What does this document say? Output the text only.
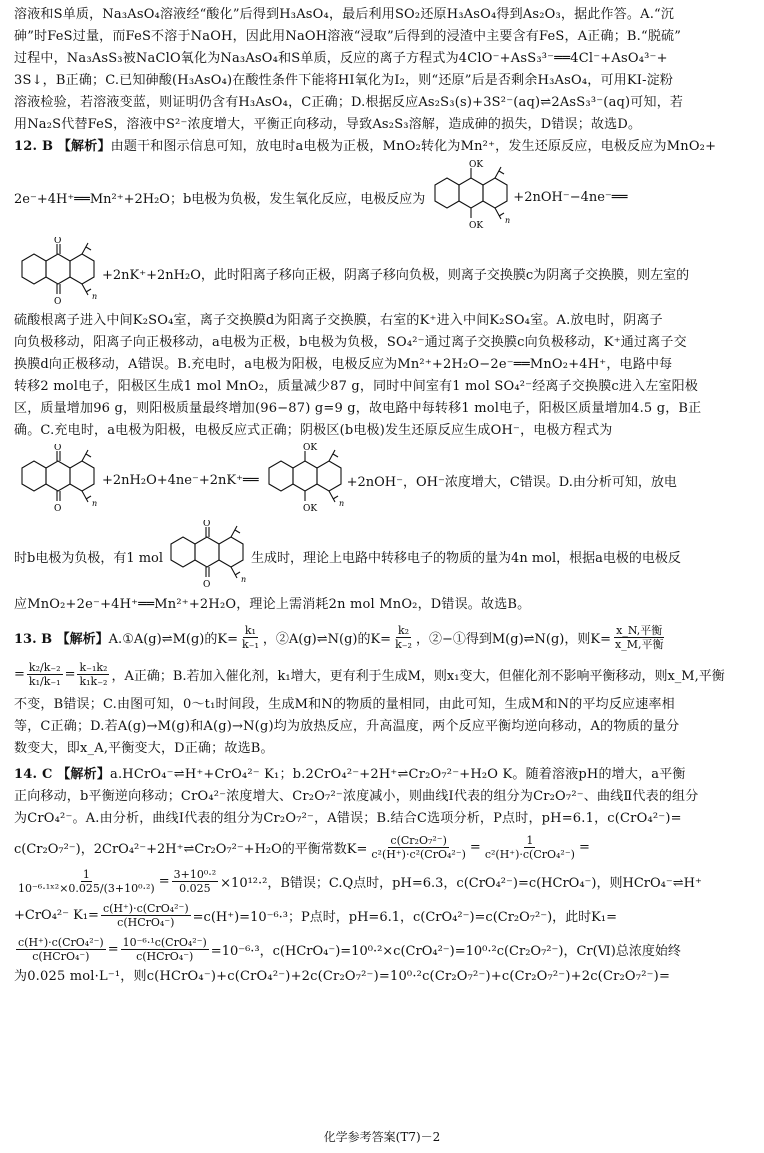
溶液和S单质，Na₃AsO₄溶液经“酸化”后得到H₃AsO₄，最后利用SO₂还原H₃AsO₄得到As₂O₃，据此作答。A.“沉
砷”时FeS过量，而FeS不溶于NaOH，因此用NaOH溶液“浸取”后得到的浸渣中主要含有FeS，A正确；B.“脱硫”
过程中，Na₃AsS₃被NaClO氧化为Na₃AsO₄和S单质，反应的离子方程式为4ClO⁻+AsS₃³⁻══4Cl⁻+AsO₄³⁻+
3S↓，B正确；C.已知砷酸(H₃AsO₄)在酸性条件下能将HI氧化为I₂，则“还原”后是否剩余H₃AsO₄，可用KI-淀粉
溶液检验，若溶液变蓝，则证明仍含有H₃AsO₄，C正确；D.根据反应As₂S₃(s)+3S²⁻(aq)⇌2AsS₃³⁻(aq)可知，若
用Na₂S代替FeS，溶液中S²⁻浓度增大，平衡正向移动，导致As₂S₃溶解，造成砷的损失，D错误；故选D。
12. B 【解析】由题干和图示信息可知，放电时a电极为正极，MnO₂转化为Mn²⁺，发生还原反应，电极反应为MnO₂+
2e⁻+4H⁺══Mn²⁺+2H₂O；b电极为负极，发生氧化反应，电极反应为
OK
OK
n
+2nOH⁻−4ne⁻══
O
O
n
+2nK⁺+2nH₂O，此时阳离子移向正极，阴离子移向负极，则离子交换膜c为阴离子交换膜，则左室的
硫酸根离子进入中间K₂SO₄室，离子交换膜d为阳离子交换膜，右室的K⁺进入中间K₂SO₄室。A.放电时，阴离子
向负极移动，阳离子向正极移动，a电极为正极，b电极为负极，SO₄²⁻通过离子交换膜c向负极移动，K⁺通过离子交
换膜d向正极移动，A错误。B.充电时，a电极为阳极，电极反应为Mn²⁺+2H₂O−2e⁻══MnO₂+4H⁺，电路中每
转移2 mol电子，阳极区生成1 mol MnO₂，质量减少87 g，同时中间室有1 mol SO₄²⁻经离子交换膜c进入左室阳极
区，质量增加96 g，则阳极质量最终增加(96−87) g=9 g，故电路中每转移1 mol电子，阳极区质量增加4.5 g，B正
确。C.充电时，a电极为阳极，电极反应式正确；阴极区(b电极)发生还原反应生成OH⁻，电极方程式为
O
O
n
+2nH₂O+4ne⁻+2nK⁺══
OK
OK
n
+2nOH⁻，OH⁻浓度增大，C错误。D.由分析可知，放电
时b电极为负极，有1 mol
O
O
n
生成时，理论上电路中转移电子的物质的量为4n mol，根据a电极的电极反
应MnO₂+2e⁻+4H⁺══Mn²⁺+2H₂O，理论上需消耗2n mol MnO₂，D错误。故选B。
13. B 【解析】 A.①A(g)⇌M(g)的$K= \frac{\text{k₁}}{\text{k₋₁}}$ ，②A(g)⇌N(g)的$K= \frac{\text{k₂}}{\text{k₋₂}}$ ，②−①得到M(g)⇌N(g)，则$K= \frac{\text{x\_N,平衡}}{\text{x\_M,平衡}}$
= $\frac{\text{k₂/k₋₂}}{\text{k₁/k₋₁}} = \frac{\text{k₋₁k₂}}{\text{k₁k₋₂}}$ ，A正确；B.若加入催化剂，k₁增大，更有利于生成M，则x₁变大，但催化剂不影响平衡移动，则x_M,平衡
不变，B错误；C.由图可知，0～t₁时间段，生成M和N的物质的量相同，由此可知，生成M和N的平均反应速率相
等，C正确；D.若A(g)→M(g)和A(g)→N(g)均为放热反应，升高温度，两个反应平衡均逆向移动，A的物质的量分
数变大，即x_A,平衡变大，D正确；故选B。
14. C 【解析】a.HCrO₄⁻⇌H⁺+CrO₄²⁻ K₁；b.2CrO₄²⁻+2H⁺⇌Cr₂O₇²⁻+H₂O K。随着溶液pH的增大，a平衡
正向移动，b平衡逆向移动；CrO₄²⁻浓度增大、Cr₂O₇²⁻浓度减小，则曲线Ⅰ代表的组分为Cr₂O₇²⁻、曲线Ⅱ代表的组分
为CrO₄²⁻。A.由分析，曲线Ⅰ代表的组分为Cr₂O₇²⁻，A错误；B.结合C选项分析，P点时，pH=6.1，c(CrO₄²⁻)=
c(Cr₂O₇²⁻)，2CrO₄²⁻+2H⁺⇌Cr₂O₇²⁻+H₂O的平衡常数$K= \frac{\text{c(Cr₂O₇²⁻)}}{\text{c²(H⁺)·c²(CrO₄²⁻)}} = \frac{1}{\text{c²(H⁺)·c(CrO₄²⁻)}}$ =
$\frac{1}{\text{10⁻⁶·¹ˣ²×0.025/(3+10⁰·²)}} = \frac{\text{3+10⁰·²}}{0.025} \times 10^{12}\cdot^2$，B错误；C.Q点时，pH=6.3，c(CrO₄²⁻)=c(HCrO₄⁻)，则HCrO₄⁻⇌H⁺
+CrO₄²⁻ $K_1= \frac{\text{c(H⁺)·c(CrO₄²⁻)}}{\text{c(HCrO₄⁻)}} =c(H^+)=10^{-6}\cdot^3$；P点时，pH=6.1，c(CrO₄²⁻)=c(Cr₂O₇²⁻)，此时K₁=
$\frac{\text{c(H⁺)·c(CrO₄²⁻)}}{\text{c(HCrO₄⁻)}} = \frac{\text{10⁻⁶·¹c(CrO₄²⁻)}}{\text{c(HCrO₄⁻)}} =10^{-6}\cdot^3$，c(HCrO₄⁻)=10⁰·²×c(CrO₄²⁻)=10⁰·²c(Cr₂O₇²⁻)，Cr(Ⅵ)总浓度始终
为0.025 mol·L⁻¹，则c(HCrO₄⁻)+c(CrO₄²⁻)+2c(Cr₂O₇²⁻)=10⁰·²c(Cr₂O₇²⁻)+c(Cr₂O₇²⁻)+2c(Cr₂O₇²⁻)=
化学参考答案(T7)－2
